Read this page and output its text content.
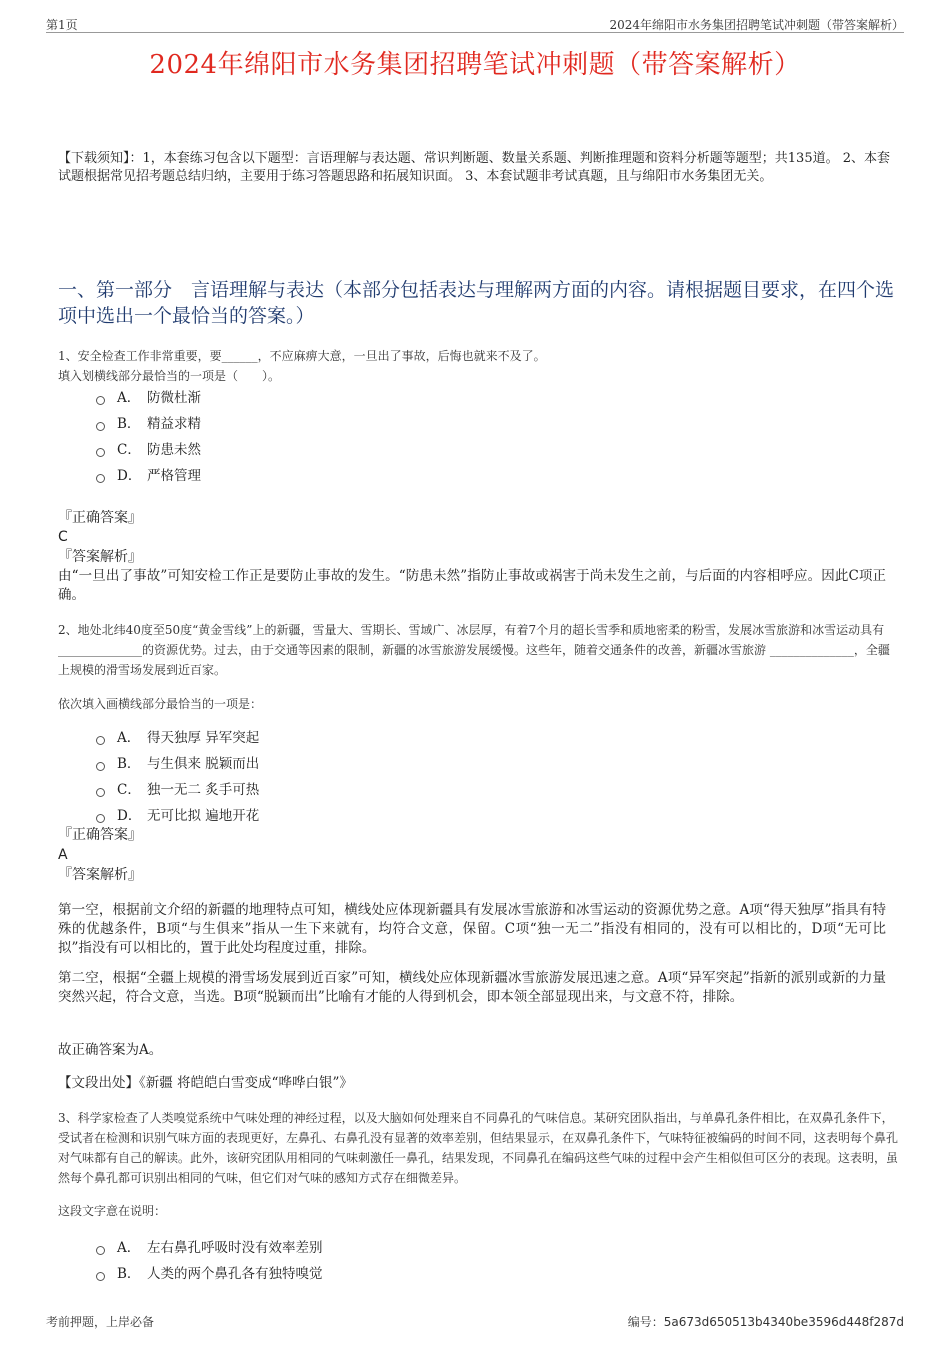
第1页	2024年绵阳市水务集团招聘笔试冲刺题（带答案解析）
2024年绵阳市水务集团招聘笔试冲刺题（带答案解析）
【下载须知】：1，本套练习包含以下题型：言语理解与表达题、常识判断题、数量关系题、判断推理题和资料分析题等题型；共135道。 2、本套试题根据常见招考题总结归纳，主要用于练习答题思路和拓展知识面。 3、本套试题非考试真题，且与绵阳市水务集团无关。
一、第一部分　言语理解与表达（本部分包括表达与理解两方面的内容。请根据题目要求，在四个选项中选出一个最恰当的答案。）
1、安全检查工作非常重要，要______，不应麻痹大意，一旦出了事故，后悔也就来不及了。
填入划横线部分最恰当的一项是（　　）。
A． 防微杜渐
B． 精益求精
C． 防患未然
D． 严格管理
『正确答案』
C
『答案解析』
由“一旦出了事故”可知安检工作正是要防止事故的发生。“防患未然”指防止事故或祸害于尚未发生之前，与后面的内容相呼应。因此C项正确。
2、地处北纬40度至50度“黄金雪线”上的新疆，雪量大、雪期长、雪域广、冰层厚，有着7个月的超长雪季和质地密柔的粉雪，发展冰雪旅游和冰雪运动具有 ______________的资源优势。过去，由于交通等因素的限制，新疆的冰雪旅游发展缓慢。这些年，随着交通条件的改善，新疆冰雪旅游 ______________，全疆上规模的滑雪场发展到近百家。
依次填入画横线部分最恰当的一项是：
A． 得天独厚 异军突起
B． 与生俱来 脱颖而出
C． 独一无二 炙手可热
D． 无可比拟 遍地开花
『正确答案』
A
『答案解析』
第一空，根据前文介绍的新疆的地理特点可知，横线处应体现新疆具有发展冰雪旅游和冰雪运动的资源优势之意。A项“得天独厚”指具有特殊的优越条件，B项“与生俱来”指从一生下来就有，均符合文意，保留。C项“独一无二”指没有相同的，没有可以相比的，D项“无可比拟”指没有可以相比的，置于此处均程度过重，排除。
第二空，根据“全疆上规模的滑雪场发展到近百家”可知，横线处应体现新疆冰雪旅游发展迅速之意。A项“异军突起”指新的派别或新的力量突然兴起，符合文意，当选。B项“脱颖而出”比喻有才能的人得到机会，即本领全部显现出来，与文意不符，排除。
故正确答案为A。
【文段出处】《新疆 将皑皑白雪变成“哗哗白银”》
3、科学家检查了人类嗅觉系统中气味处理的神经过程，以及大脑如何处理来自不同鼻孔的气味信息。某研究团队指出，与单鼻孔条件相比，在双鼻孔条件下，受试者在检测和识别气味方面的表现更好，左鼻孔、右鼻孔没有显著的效率差别，但结果显示，在双鼻孔条件下，气味特征被编码的时间不同，这表明每个鼻孔对气味都有自己的解读。此外，该研究团队用相同的气味刺激任一鼻孔，结果发现，不同鼻孔在编码这些气味的过程中会产生相似但可区分的表现。这表明，虽然每个鼻孔都可识别出相同的气味，但它们对气味的感知方式存在细微差异。
这段文字意在说明：
A． 左右鼻孔呼吸时没有效率差别
B． 人类的两个鼻孔各有独特嗅觉
考前押题，上岸必备	编号：5a673d650513b4340be3596d448f287d
